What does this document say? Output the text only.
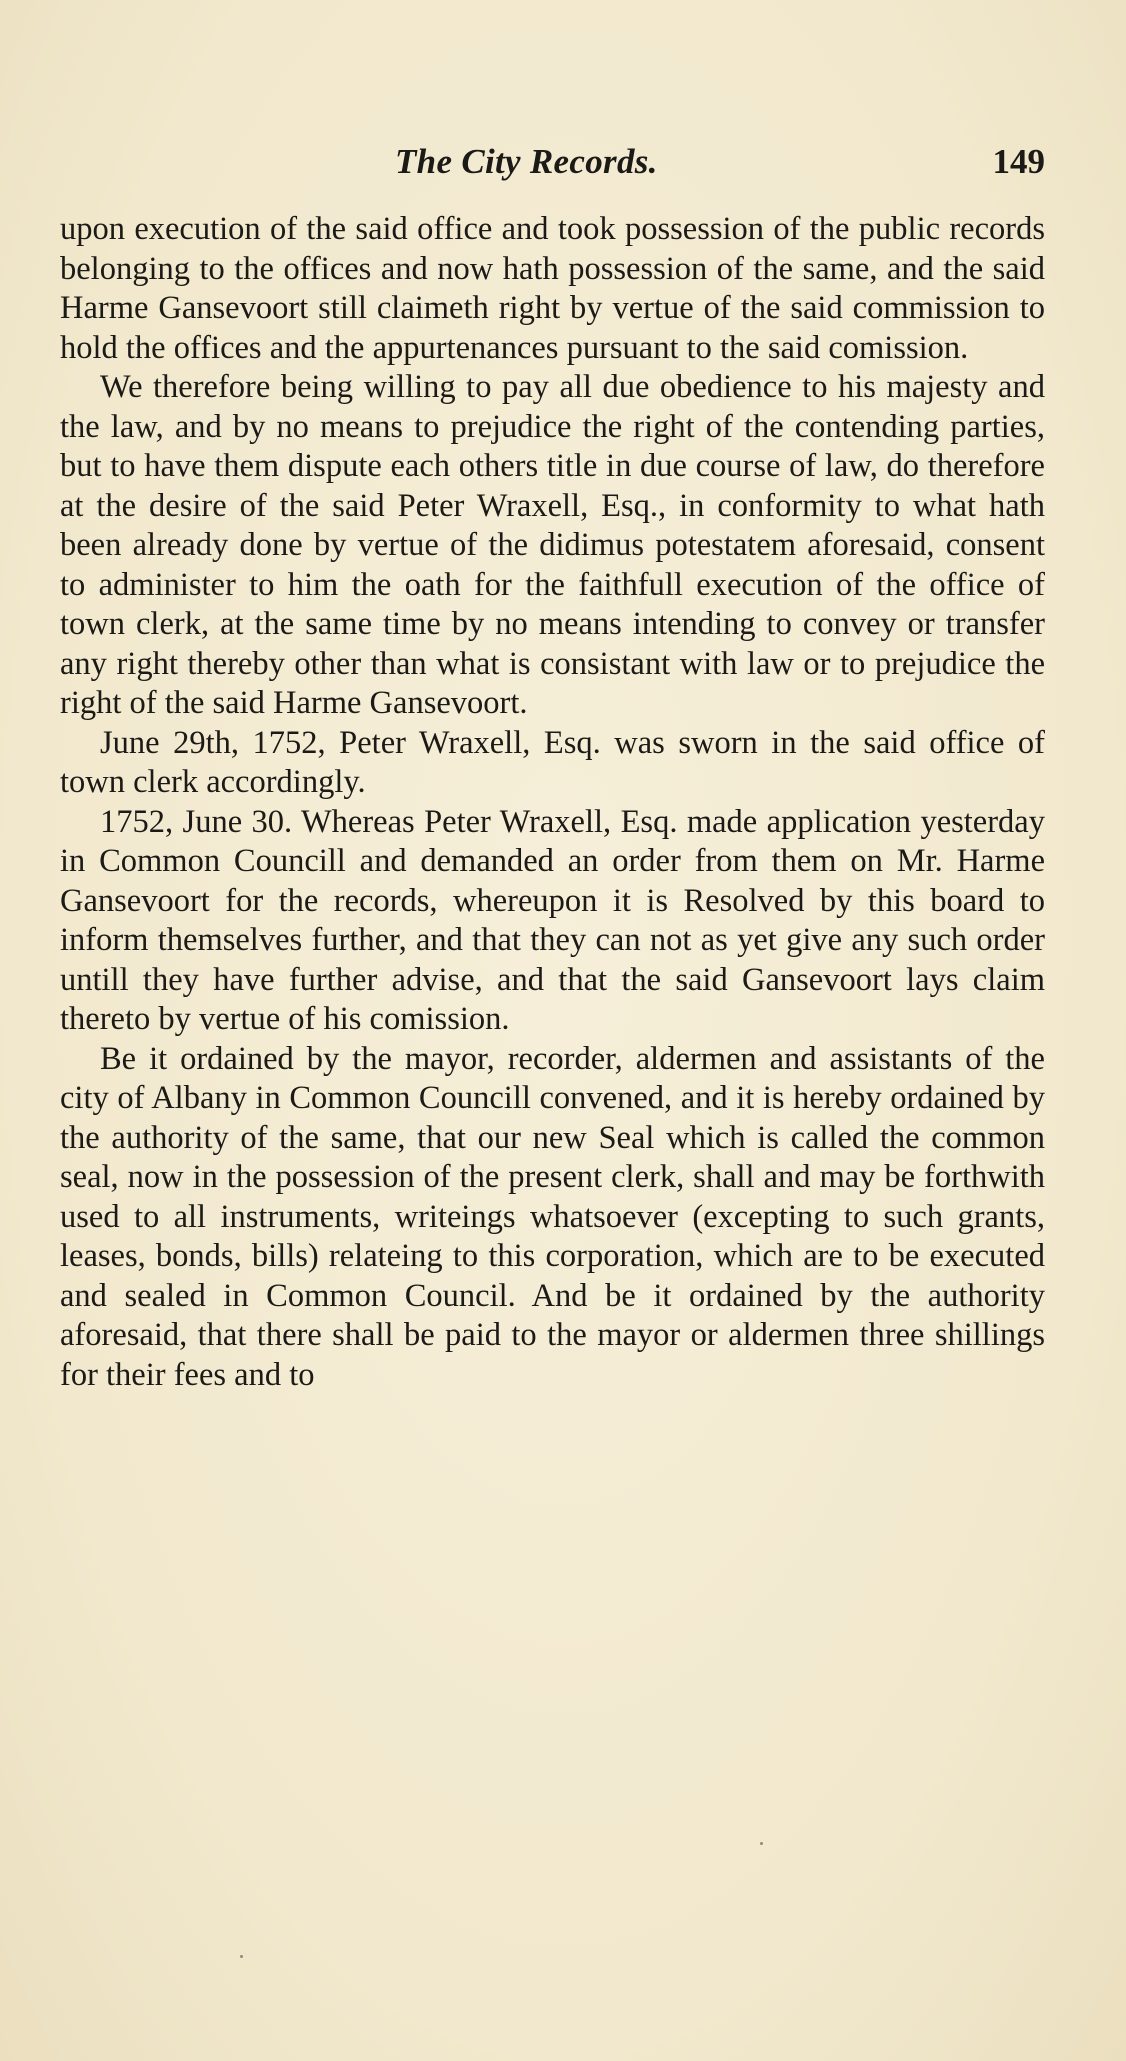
The City Records.	149

upon execution of the said office and took possession of the public records belonging to the offices and now hath possession of the same, and the said Harme Gansevoort still claimeth right by vertue of the said commission to hold the offices and the appurtenances pursuant to the said comission.

We therefore being willing to pay all due obedience to his majesty and the law, and by no means to prejudice the right of the contending parties, but to have them dispute each others title in due course of law, do therefore at the desire of the said Peter Wraxell, Esq., in conformity to what hath been already done by vertue of the didimus potestatem aforesaid, consent to administer to him the oath for the faithfull execution of the office of town clerk, at the same time by no means intending to convey or transfer any right thereby other than what is consistant with law or to prejudice the right of the said Harme Gansevoort.

June 29th, 1752, Peter Wraxell, Esq. was sworn in the said office of town clerk accordingly.

1752, June 30. Whereas Peter Wraxell, Esq. made application yesterday in Common Councill and demanded an order from them on Mr. Harme Gansevoort for the records, whereupon it is Resolved by this board to inform themselves further, and that they can not as yet give any such order untill they have further advise, and that the said Gansevoort lays claim thereto by vertue of his comission.

Be it ordained by the mayor, recorder, aldermen and assistants of the city of Albany in Common Councill convened, and it is hereby ordained by the authority of the same, that our new Seal which is called the common seal, now in the possession of the present clerk, shall and may be forthwith used to all instruments, writeings whatsoever (excepting to such grants, leases, bonds, bills) relateing to this corporation, which are to be executed and sealed in Common Council. And be it ordained by the authority aforesaid, that there shall be paid to the mayor or aldermen three shillings for their fees and to
